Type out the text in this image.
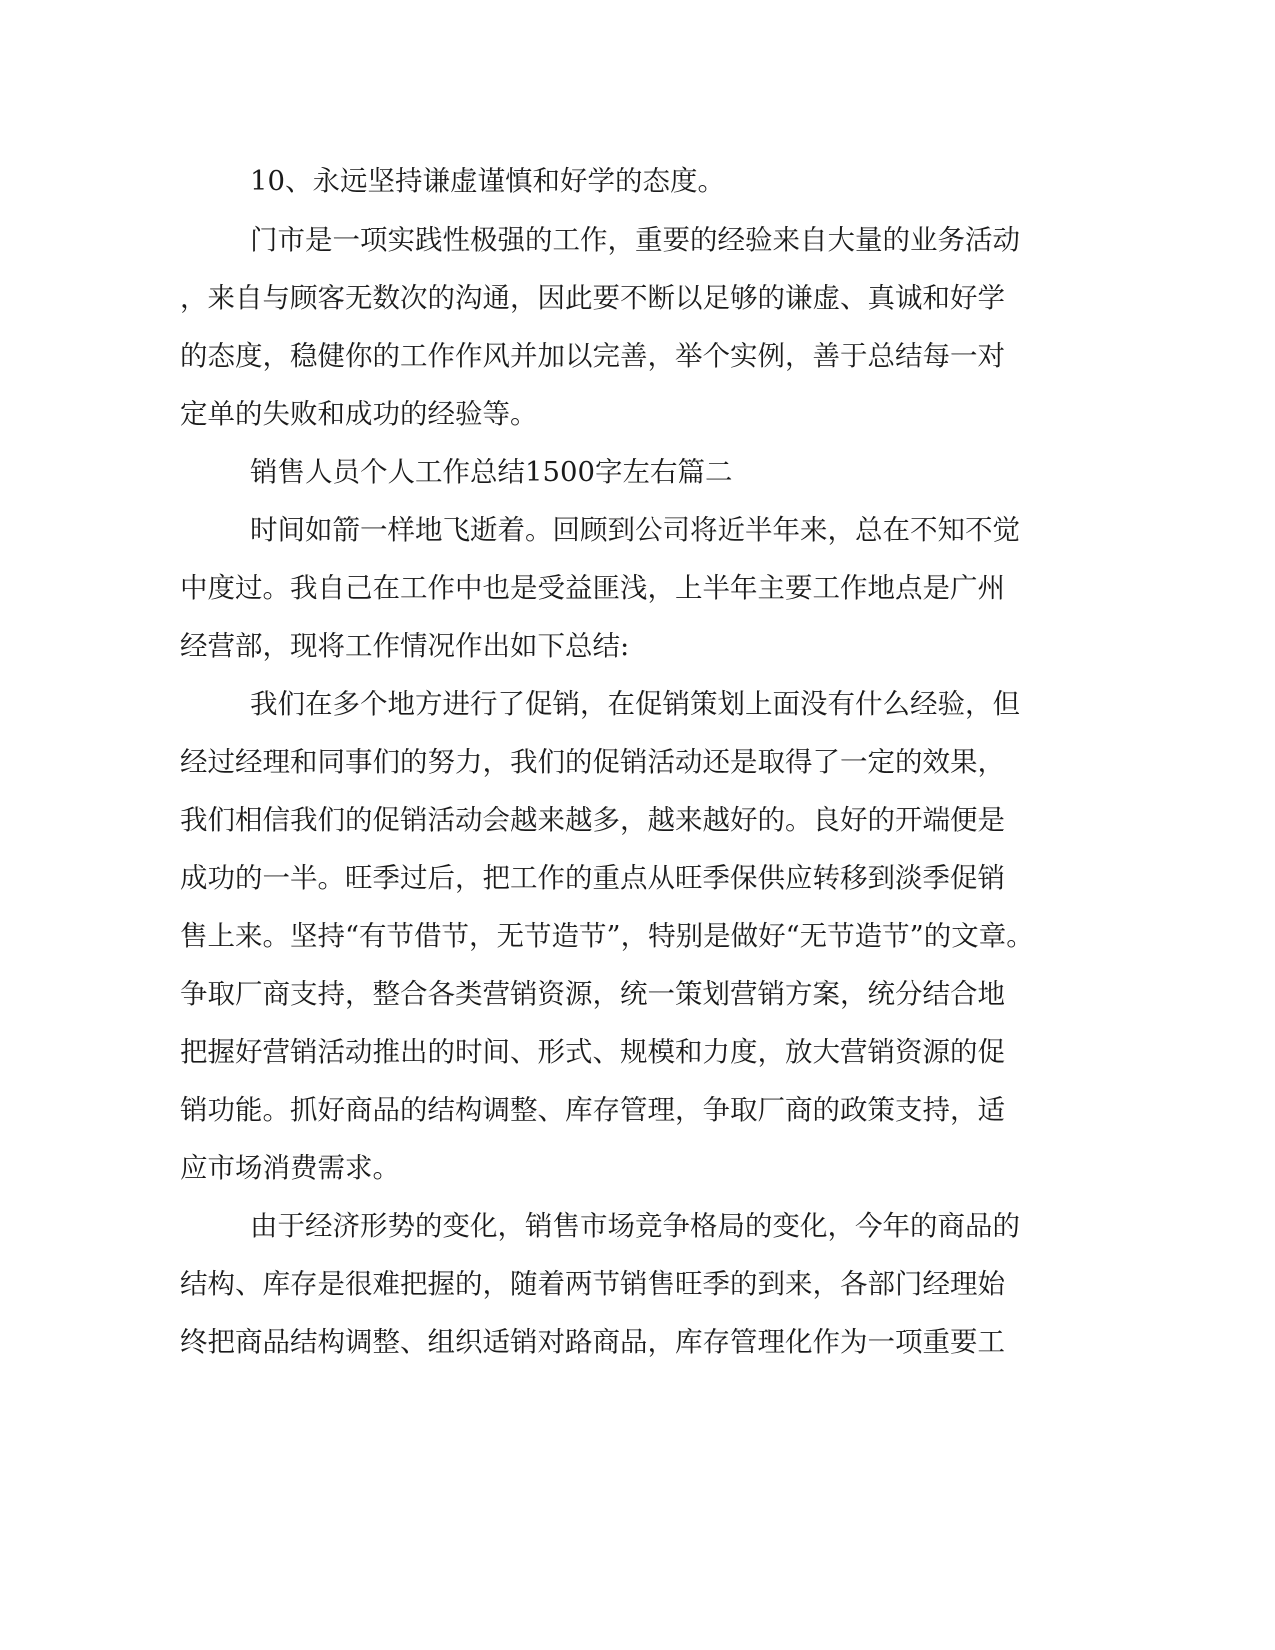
10、永远坚持谦虚谨慎和好学的态度。
门市是一项实践性极强的工作，重要的经验来自大量的业务活动
，来自与顾客无数次的沟通，因此要不断以足够的谦虚、真诚和好学
的态度，稳健你的工作作风并加以完善，举个实例，善于总结每一对
定单的失败和成功的经验等。
销售人员个人工作总结1500字左右篇二
时间如箭一样地飞逝着。回顾到公司将近半年来，总在不知不觉
中度过。我自己在工作中也是受益匪浅，上半年主要工作地点是广州
经营部，现将工作情况作出如下总结:
我们在多个地方进行了促销，在促销策划上面没有什么经验，但
经过经理和同事们的努力，我们的促销活动还是取得了一定的效果，
我们相信我们的促销活动会越来越多，越来越好的。良好的开端便是
成功的一半。旺季过后，把工作的重点从旺季保供应转移到淡季促销
售上来。坚持“有节借节，无节造节”，特别是做好“无节造节”的文章。
争取厂商支持，整合各类营销资源，统一策划营销方案，统分结合地
把握好营销活动推出的时间、形式、规模和力度，放大营销资源的促
销功能。抓好商品的结构调整、库存管理，争取厂商的政策支持，适
应市场消费需求。
由于经济形势的变化，销售市场竞争格局的变化，今年的商品的
结构、库存是很难把握的，随着两节销售旺季的到来，各部门经理始
终把商品结构调整、组织适销对路商品，库存管理化作为一项重要工
